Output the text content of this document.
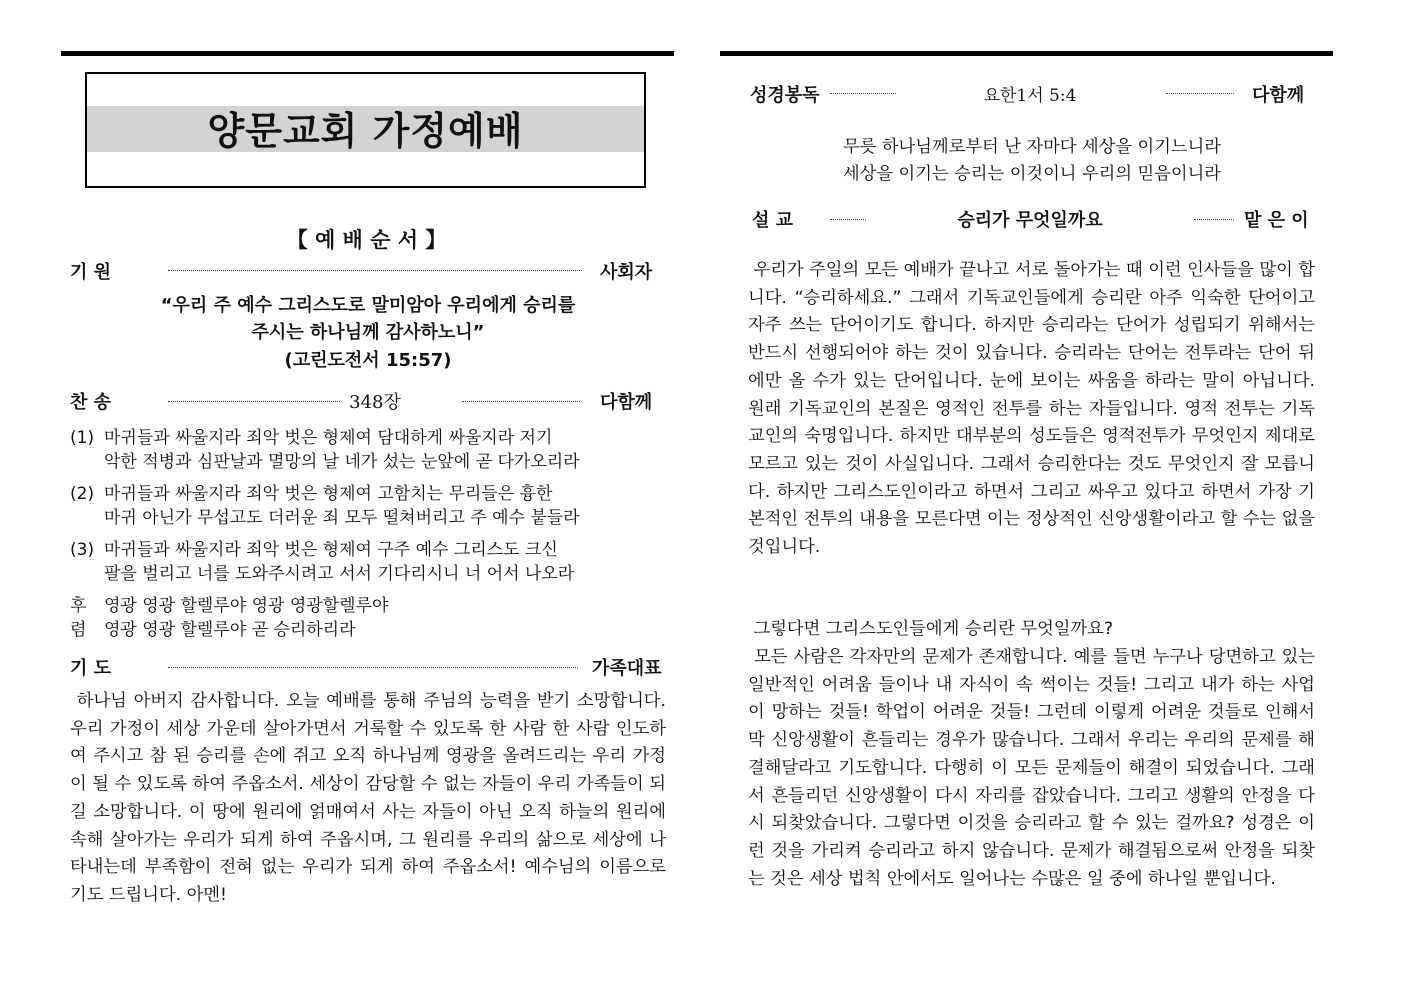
양문교회 가정예배
【 예 배 순 서 】
기 원	사회자
“우리 주 예수 그리스도로 말미암아 우리에게 승리를
주시는 하나님께 감사하노니”
(고린도전서 15:57)
찬 송	348장	다함께
(1) 마귀들과 싸울지라 죄악 벗은 형제여 담대하게 싸울지라 저기
악한 적병과 심판날과 멸망의 날 네가 섰는 눈앞에 곧 다가오리라
(2) 마귀들과 싸울지라 죄악 벗은 형제여 고함치는 무리들은 흉한
마귀 아닌가 무섭고도 더러운 죄 모두 떨쳐버리고 주 예수 붙들라
(3) 마귀들과 싸울지라 죄악 벗은 형제여 구주 예수 그리스도 크신
팔을 벌리고 너를 도와주시려고 서서 기다리시니 너 어서 나오라
후
렴
영광 영광 할렐루야 영광 영광할렐루야
영광 영광 할렐루야 곧 승리하리라
기 도	가족대표
하나님 아버지 감사합니다. 오늘 예배를 통해 주님의 능력을 받기 소망합니다. 우리 가정이 세상 가운데 살아가면서 거룩할 수 있도록 한 사람 한 사람 인도하여 주시고 참 된 승리를 손에 쥐고 오직 하나님께 영광을 올려드리는 우리 가정이 될 수 있도록 하여 주옵소서. 세상이 감당할 수 없는 자들이 우리 가족들이 되길 소망합니다. 이 땅에 원리에 얽매여서 사는 자들이 아닌 오직 하늘의 원리에 속해 살아가는 우리가 되게 하여 주옵시며, 그 원리를 우리의 삶으로 세상에 나타내는데 부족함이 전혀 없는 우리가 되게 하여 주옵소서! 예수님의 이름으로 기도 드립니다. 아멘!
성경봉독	요한1서 5:4	다함께
무릇 하나님께로부터 난 자마다 세상을 이기느니라
세상을 이기는 승리는 이것이니 우리의 믿음이니라
설 교	승리가 무엇일까요	맡 은 이
우리가 주일의 모든 예배가 끝나고 서로 돌아가는 때 이런 인사들을 많이 합니다. “승리하세요.” 그래서 기독교인들에게 승리란 아주 익숙한 단어이고 자주 쓰는 단어이기도 합니다. 하지만 승리라는 단어가 성립되기 위해서는 반드시 선행되어야 하는 것이 있습니다. 승리라는 단어는 전투라는 단어 뒤에만 올 수가 있는 단어입니다. 눈에 보이는 싸움을 하라는 말이 아닙니다. 원래 기독교인의 본질은 영적인 전투를 하는 자들입니다. 영적 전투는 기독교인의 숙명입니다. 하지만 대부분의 성도들은 영적전투가 무엇인지 제대로 모르고 있는 것이 사실입니다. 그래서 승리한다는 것도 무엇인지 잘 모릅니다. 하지만 그리스도인이라고 하면서 그리고 싸우고 있다고 하면서 가장 기본적인 전투의 내용을 모른다면 이는 정상적인 신앙생활이라고 할 수는 없을 것입니다.
그렇다면 그리스도인들에게 승리란 무엇일까요?
모든 사람은 각자만의 문제가 존재합니다. 예를 들면 누구나 당면하고 있는 일반적인 어려움 들이나 내 자식이 속 썩이는 것들! 그리고 내가 하는 사업이 망하는 것들! 학업이 어려운 것들! 그런데 이렇게 어려운 것들로 인해서 막 신앙생활이 흔들리는 경우가 많습니다. 그래서 우리는 우리의 문제를 해결해달라고 기도합니다. 다행히 이 모든 문제들이 해결이 되었습니다. 그래서 흔들리던 신앙생활이 다시 자리를 잡았습니다. 그리고 생활의 안정을 다시 되찾았습니다. 그렇다면 이것을 승리라고 할 수 있는 걸까요? 성경은 이런 것을 가리켜 승리라고 하지 않습니다. 문제가 해결됨으로써 안정을 되찾는 것은 세상 법칙 안에서도 일어나는 수많은 일 중에 하나일 뿐입니다.
